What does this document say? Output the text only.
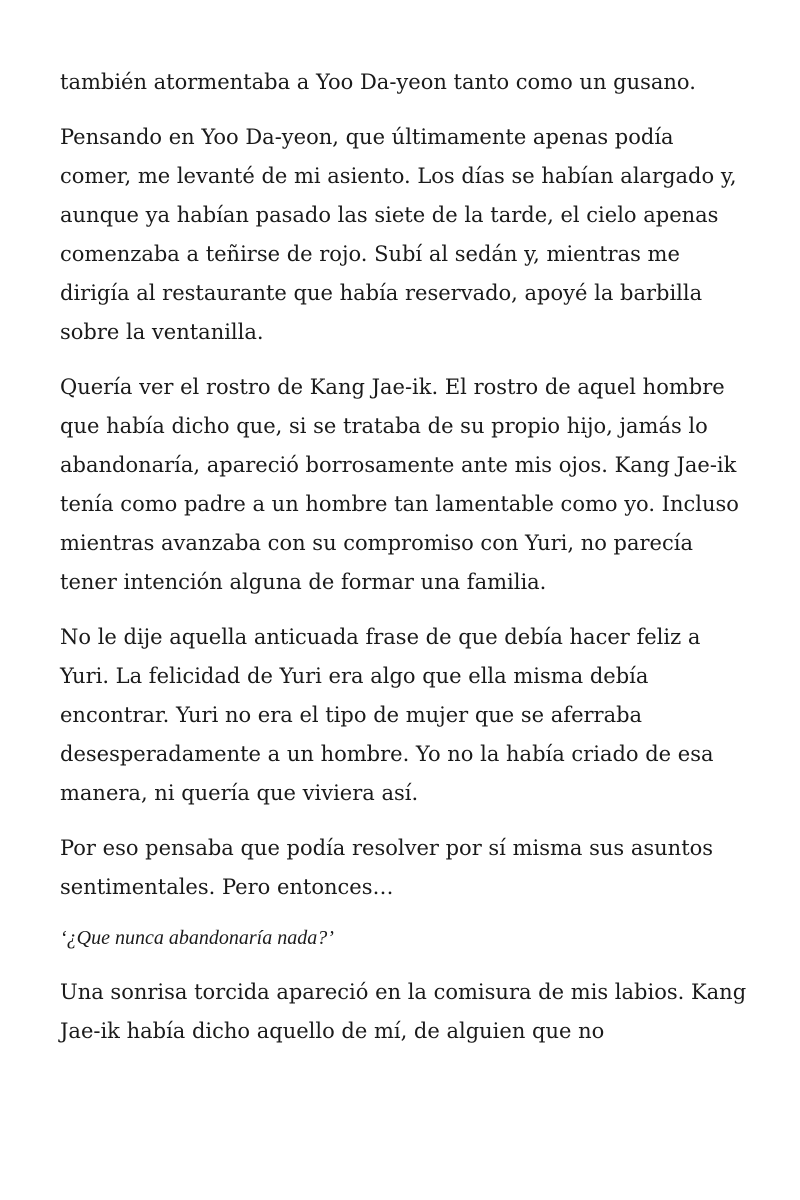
también atormentaba a Yoo Da-yeon tanto como un gusano.

Pensando en Yoo Da-yeon, que últimamente apenas podía comer, me levanté de mi asiento. Los días se habían alargado y, aunque ya habían pasado las siete de la tarde, el cielo apenas comenzaba a teñirse de rojo. Subí al sedán y, mientras me dirigía al restaurante que había reservado, apoyé la barbilla sobre la ventanilla.

Quería ver el rostro de Kang Jae-ik. El rostro de aquel hombre que había dicho que, si se trataba de su propio hijo, jamás lo abandonaría, apareció borrosamente ante mis ojos. Kang Jae-ik tenía como padre a un hombre tan lamentable como yo. Incluso mientras avanzaba con su compromiso con Yuri, no parecía tener intención alguna de formar una familia.

No le dije aquella anticuada frase de que debía hacer feliz a Yuri. La felicidad de Yuri era algo que ella misma debía encontrar. Yuri no era el tipo de mujer que se aferraba desesperadamente a un hombre. Yo no la había criado de esa manera, ni quería que viviera así.

Por eso pensaba que podía resolver por sí misma sus asuntos sentimentales. Pero entonces…

‘¿Que nunca abandonaría nada?’

Una sonrisa torcida apareció en la comisura de mis labios. Kang Jae-ik había dicho aquello de mí, de alguien que no
